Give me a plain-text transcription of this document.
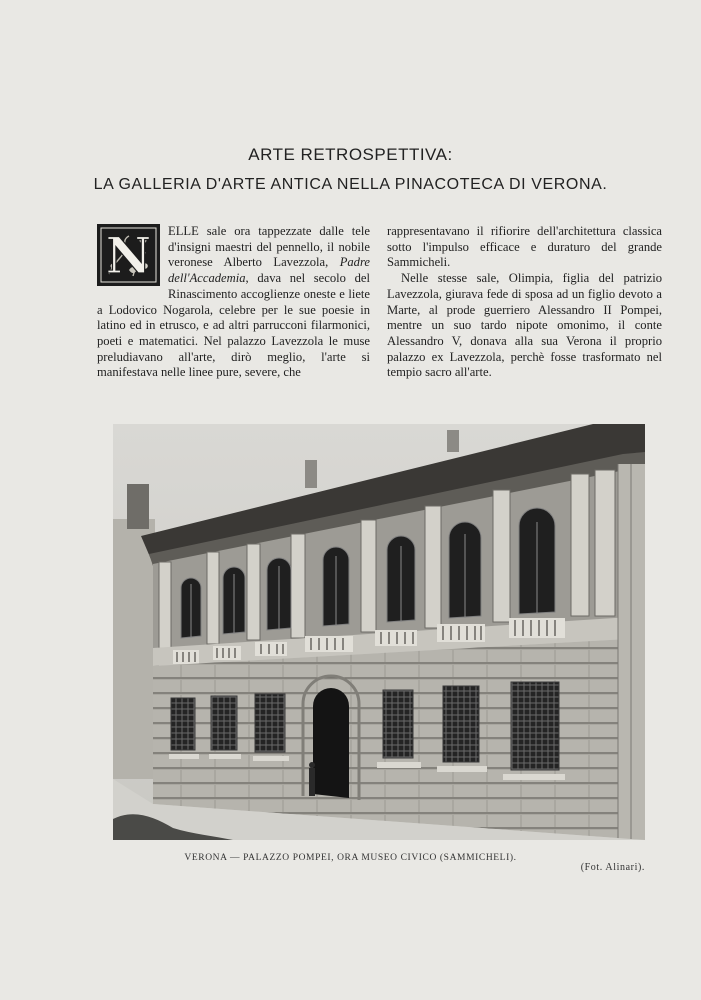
ARTE RETROSPETTIVA:
LA GALLERIA D'ARTE ANTICA NELLA PINACOTECA DI VERONA.
N	ELLE sale ora tappezzate dalle tele d'insigni maestri del pennello, il nobile veronese Alberto Lavezzola, Padre dell'Accademia, dava nel secolo del Rinascimento accoglienze oneste e liete a Lodovico Nogarola, celebre per le sue poesie in latino ed in etrusco, e ad altri parrucconi filarmonici, poeti e matematici. Nel palazzo Lavezzola le muse preludiavano all'arte, dirò meglio, l'arte si manifestava nelle linee pure, severe, che

rappresentavano il rifiorire dell'architettura classica sotto l'impulso efficace e duraturo del grande Sammicheli.

Nelle stesse sale, Olimpia, figlia del patrizio Lavezzola, giurava fede di sposa ad un figlio devoto a Marte, al prode guerriero Alessandro II Pompei, mentre un suo tardo nipote omonimo, il conte Alessandro V, donava alla sua Verona il proprio palazzo ex Lavezzola, perchè fosse trasformato nel tempio sacro all'arte.

VERONA — PALAZZO POMPEI, ORA MUSEO CIVICO (SAMMICHELI).
(Fot. Alinari).
